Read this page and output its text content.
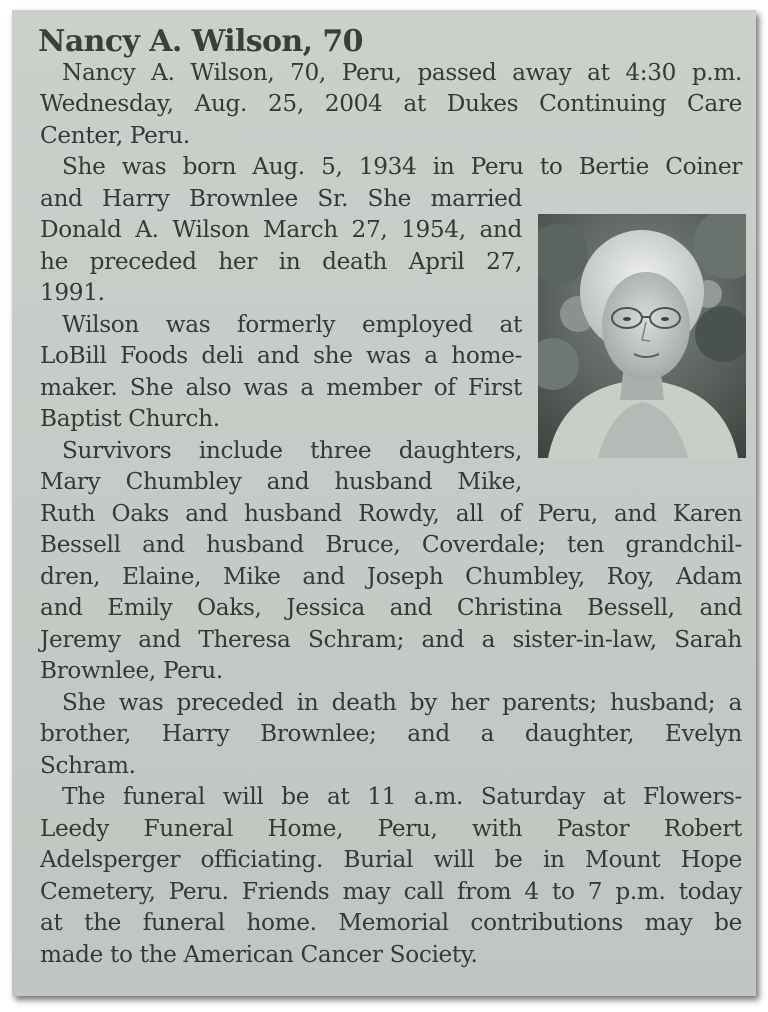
Nancy A. Wilson, 70

Nancy A. Wilson, 70, Peru, passed away at 4:30 p.m.

Wednesday, Aug. 25, 2004 at Dukes Continuing Care

Center, Peru.

She was born Aug. 5, 1934 in Peru to Bertie Coiner

and Harry Brownlee Sr. She married

Donald A. Wilson March 27, 1954, and

he preceded her in death April 27,

1991.

Wilson was formerly employed at

LoBill Foods deli and she was a home-

maker. She also was a member of First

Baptist Church.

Survivors include three daughters,

Mary Chumbley and husband Mike,

Ruth Oaks and husband Rowdy, all of Peru, and Karen

Bessell and husband Bruce, Coverdale; ten grandchil-

dren, Elaine, Mike and Joseph Chumbley, Roy, Adam

and Emily Oaks, Jessica and Christina Bessell, and

Jeremy and Theresa Schram; and a sister-in-law, Sarah

Brownlee, Peru.

She was preceded in death by her parents; husband; a

brother, Harry Brownlee; and a daughter, Evelyn

Schram.

The funeral will be at 11 a.m. Saturday at Flowers-

Leedy Funeral Home, Peru, with Pastor Robert

Adelsperger officiating. Burial will be in Mount Hope

Cemetery, Peru. Friends may call from 4 to 7 p.m. today

at the funeral home. Memorial contributions may be

made to the American Cancer Society.
